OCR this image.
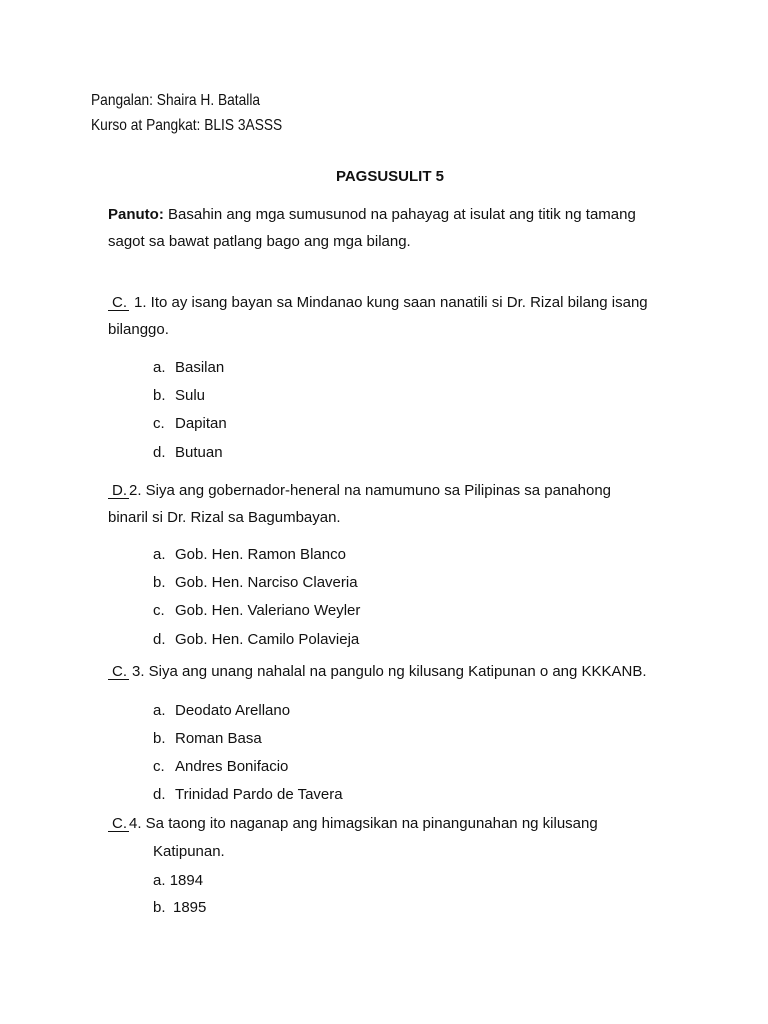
Pangalan: Shaira H. Batalla
Kurso at Pangkat: BLIS 3ASSS
PAGSUSULIT 5
Panuto: Basahin ang mga sumusunod na pahayag at isulat ang titik ng tamang
sagot sa bawat patlang bago ang mga bilang.
C. 1. Ito ay isang bayan sa Mindanao kung saan nanatili si Dr. Rizal bilang isang
bilanggo.
a. Basilan
b. Sulu
c. Dapitan
d. Butuan
D. 2. Siya ang gobernador-heneral na namumuno sa Pilipinas sa panahong
binaril si Dr. Rizal sa Bagumbayan.
a. Gob. Hen. Ramon Blanco
b. Gob. Hen. Narciso Claveria
c. Gob. Hen. Valeriano Weyler
d. Gob. Hen. Camilo Polavieja
C. 3. Siya ang unang nahalal na pangulo ng kilusang Katipunan o ang KKKANB.
a. Deodato Arellano
b. Roman Basa
c. Andres Bonifacio
d. Trinidad Pardo de Tavera
C. 4. Sa taong ito naganap ang himagsikan na pinangunahan ng kilusang
Katipunan.
a. 1894
b. 1895
